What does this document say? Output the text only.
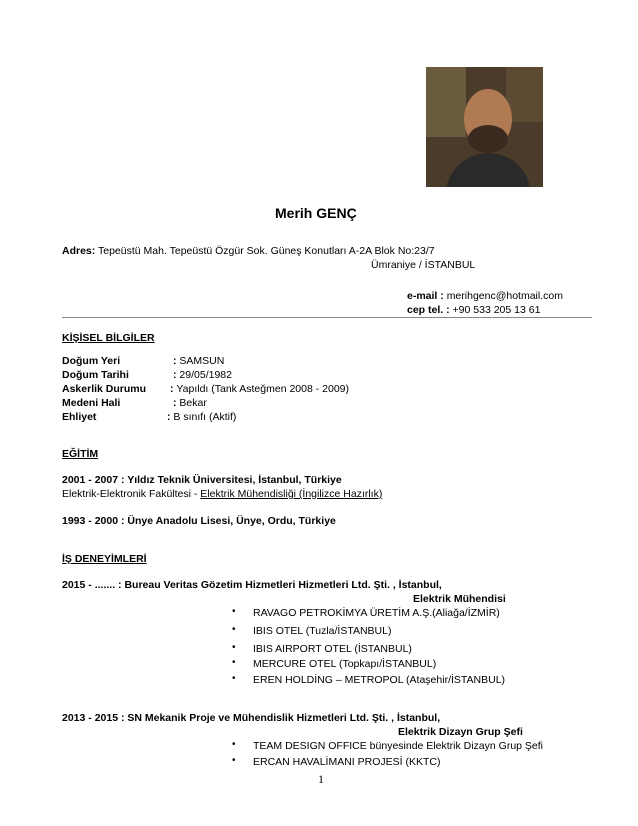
Merih GENÇ
Adres: Tepeüstü Mah. Tepeüstü Özgür Sok. Güneş Konutları A-2A Blok No:23/7
Ümraniye / İSTANBUL
e-mail : merihgenc@hotmail.com
cep tel. : +90 533 205 13 61
KİŞİSEL BİLGİLER
Doğum Yeri	: SAMSUN
Doğum Tarihi	: 29/05/1982
Askerlik Durumu : Yapıldı (Tank Asteğmen 2008 - 2009)
Medeni Hali	: Bekar
Ehliyet	: B sınıfı (Aktif)
EĞİTİM
2001 - 2007 : Yıldız Teknik Üniversitesi, İstanbul, Türkiye
Elektrik-Elektronik Fakültesi - Elektrik Mühendisliği (İngilizce Hazırlık)
1993 - 2000 : Ünye Anadolu Lisesi, Ünye, Ordu, Türkiye
İŞ DENEYİMLERİ
2015 - ....... : Bureau Veritas Gözetim Hizmetleri Hizmetleri Ltd. Şti. , İstanbul,
Elektrik Mühendisi
• RAVAGO PETROKİMYA ÜRETİM A.Ş.(Aliağa/İZMİR)
• IBIS OTEL (Tuzla/İSTANBUL)
• IBIS AIRPORT OTEL (İSTANBUL)
• MERCURE OTEL (Topkapı/İSTANBUL)
• EREN HOLDİNG – METROPOL (Ataşehir/İSTANBUL)
2013 - 2015 : SN Mekanik Proje ve Mühendislik Hizmetleri Ltd. Şti. , İstanbul,
Elektrik Dizayn Grup Şefi
• TEAM DESIGN OFFICE bünyesinde Elektrik Dizayn Grup Şefi
• ERCAN HAVALİMANI PROJESİ (KKTC)
1
